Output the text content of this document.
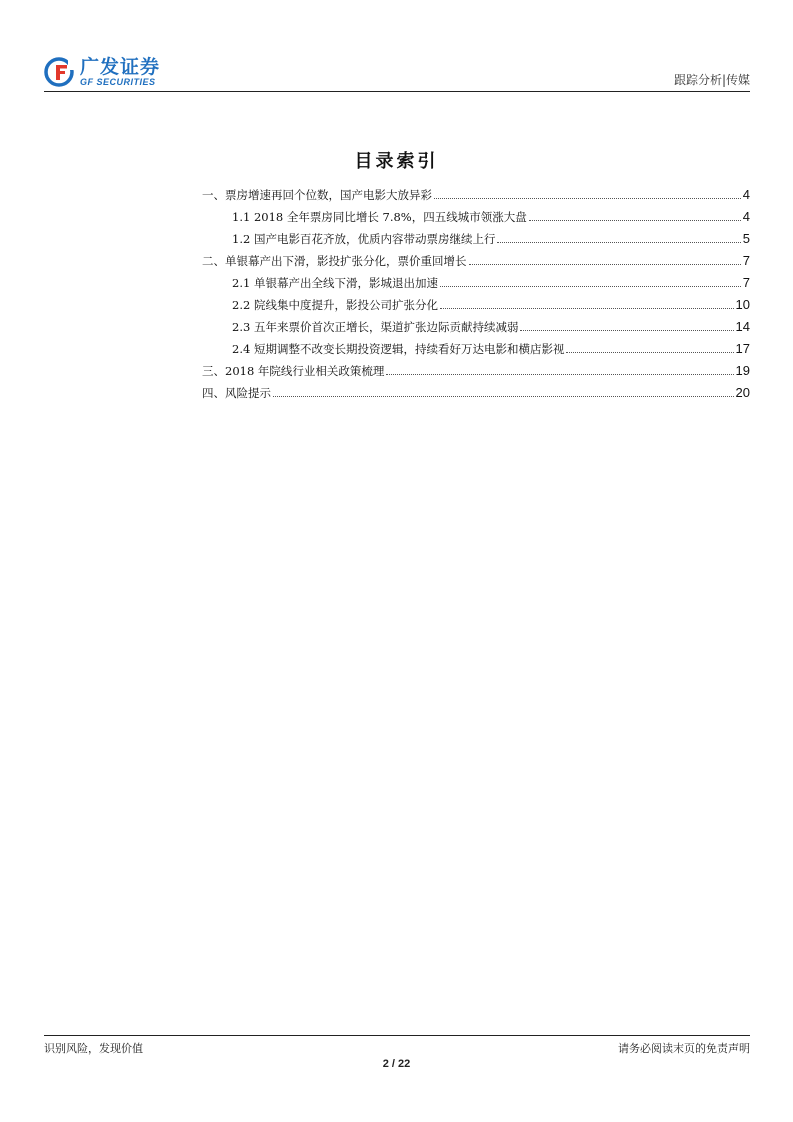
广发证券
GF SECURITIES	跟踪分析|传媒
目录索引
一、票房增速再回个位数，国产电影大放异彩	4
1.1 2018 全年票房同比增长 7.8%，四五线城市领涨大盘	4
1.2 国产电影百花齐放，优质内容带动票房继续上行	5
二、单银幕产出下滑，影投扩张分化，票价重回增长	7
2.1 单银幕产出全线下滑，影城退出加速	7
2.2 院线集中度提升，影投公司扩张分化	10
2.3 五年来票价首次正增长，渠道扩张边际贡献持续减弱	14
2.4 短期调整不改变长期投资逻辑，持续看好万达电影和横店影视	17
三、2018 年院线行业相关政策梳理	19
四、风险提示	20
识别风险，发现价值	请务必阅读末页的免责声明
2 / 22
